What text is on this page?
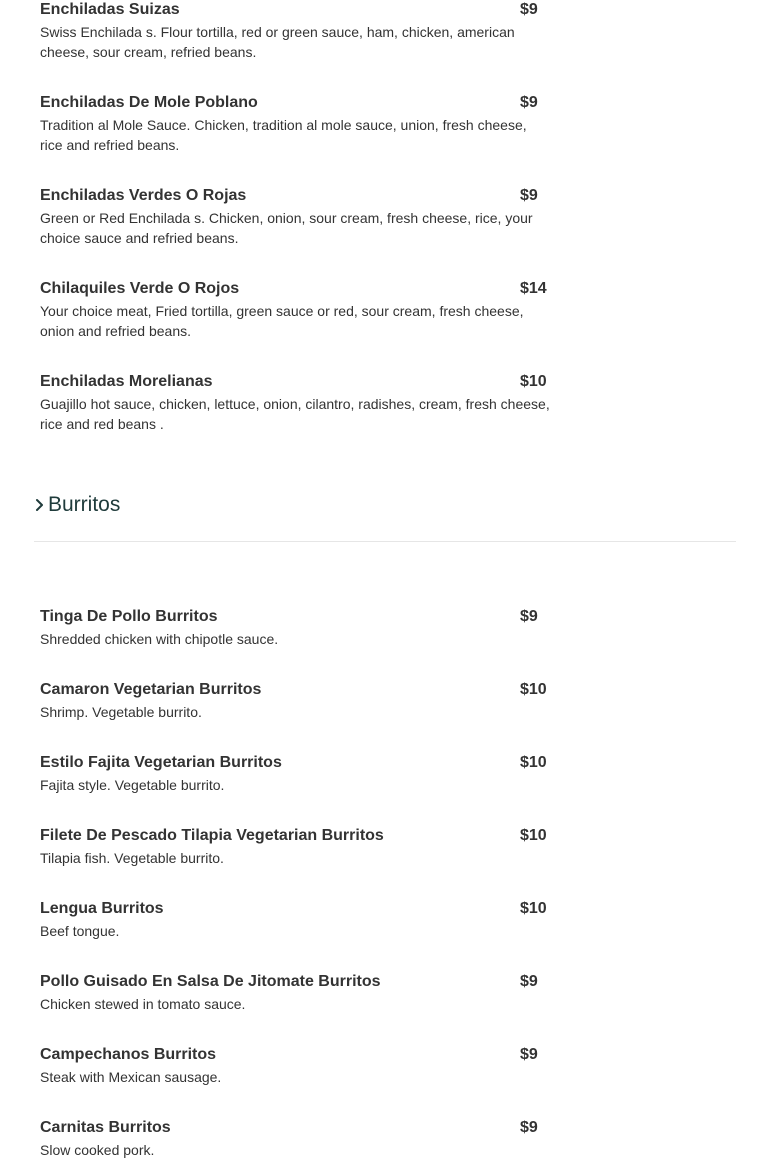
Enchiladas Suizas	$9
Swiss Enchilada s. Flour tortilla, red or green sauce, ham, chicken, american cheese, sour cream, refried beans.
Enchiladas De Mole Poblano	$9
Tradition al Mole Sauce. Chicken, tradition al mole sauce, union, fresh cheese, rice and refried beans.
Enchiladas Verdes O Rojas	$9
Green or Red Enchilada s. Chicken, onion, sour cream, fresh cheese, rice, your choice sauce and refried beans.
Chilaquiles Verde O Rojos	$14
Your choice meat, Fried tortilla, green sauce or red, sour cream, fresh cheese, onion and refried beans.
Enchiladas Morelianas	$10
Guajillo hot sauce, chicken, lettuce, onion, cilantro, radishes, cream, fresh cheese, rice and red beans .
Burritos
Tinga De Pollo Burritos	$9
Shredded chicken with chipotle sauce.
Camaron Vegetarian Burritos	$10
Shrimp. Vegetable burrito.
Estilo Fajita Vegetarian Burritos	$10
Fajita style. Vegetable burrito.
Filete De Pescado Tilapia Vegetarian Burritos	$10
Tilapia fish. Vegetable burrito.
Lengua Burritos	$10
Beef tongue.
Pollo Guisado En Salsa De Jitomate Burritos	$9
Chicken stewed in tomato sauce.
Campechanos Burritos	$9
Steak with Mexican sausage.
Carnitas Burritos	$9
Slow cooked pork.
